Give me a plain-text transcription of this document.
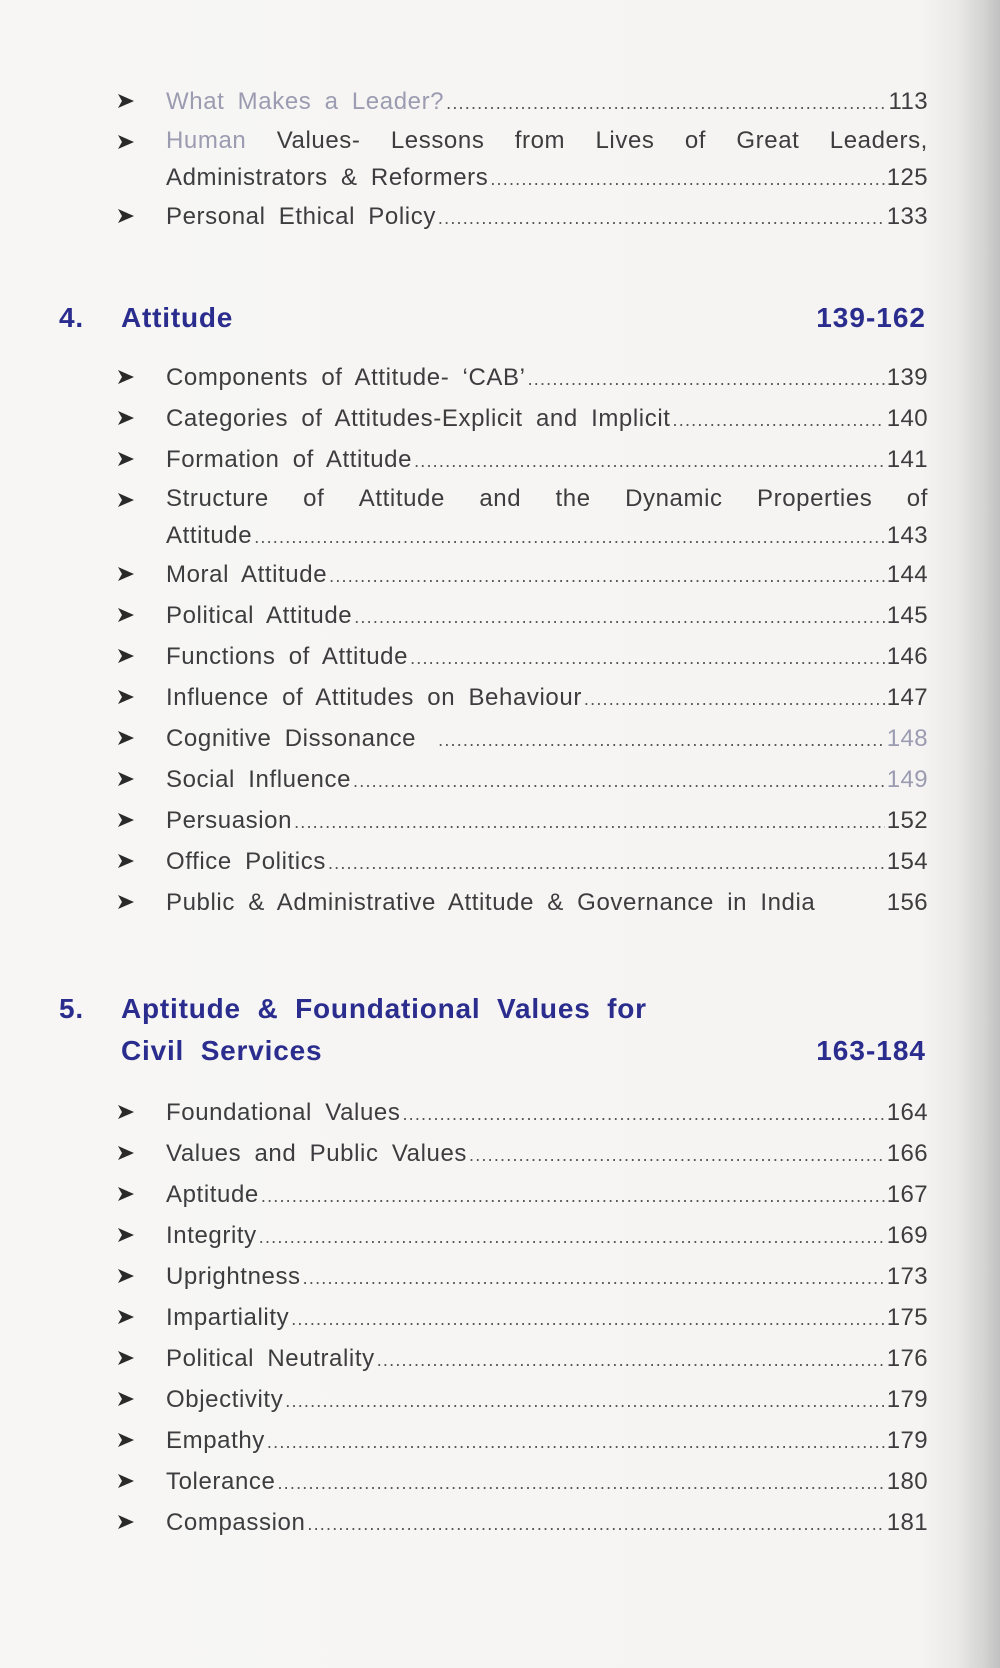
What Makes a Leader? .....	113
Human Values- Lessons from Lives of Great Leaders,
Administrators & Reformers .....	125
Personal Ethical Policy .....	133
4. Attitude	139-162
Components of Attitude- ‘CAB’ .....	139
Categories of Attitudes-Explicit and Implicit .....	140
Formation of Attitude .....	141
Structure of Attitude and the Dynamic Properties of
Attitude .....	143
Moral Attitude .....	144
Political Attitude .....	145
Functions of Attitude .....	146
Influence of Attitudes on Behaviour .....	147
Cognitive Dissonance .....	148
Social Influence .....	149
Persuasion .....	152
Office Politics .....	154
Public & Administrative Attitude & Governance in India	156
5. Aptitude & Foundational Values for
Civil Services	163-184
Foundational Values .....	164
Values and Public Values .....	166
Aptitude .....	167
Integrity .....	169
Uprightness .....	173
Impartiality .....	175
Political Neutrality .....	176
Objectivity .....	179
Empathy .....	179
Tolerance .....	180
Compassion .....	181
